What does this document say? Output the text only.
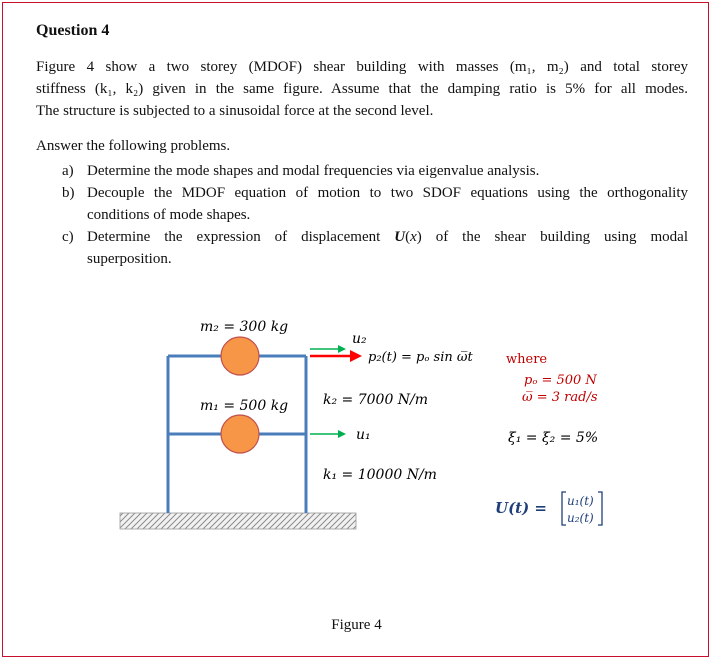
Question 4
Figure 4 show a two storey (MDOF) shear building with masses (m₁, m₂) and total storey
stiffness (k₁, k₂) given in the same figure. Assume that the damping ratio is 5% for all modes.
The structure is subjected to a sinusoidal force at the second level.
Answer the following problems.
a) Determine the mode shapes and modal frequencies via eigenvalue analysis.
b) Decouple the MDOF equation of motion to two SDOF equations using the orthogonality
conditions of mode shapes.
c) Determine the expression of displacement U(x) of the shear building using modal
superposition.
m₂ = 300 kg
m₁ = 500 kg
u₂
p₂(t) = pₒ sin ω̅t
u₁
k₂ = 7000 N/m
k₁ = 10000 N/m
where
pₒ = 500 N
ω̅ = 3 rad/s
ξ₁ = ξ₂ = 5%
U(t) = u₁(t)
u₂(t)
Figure 4
